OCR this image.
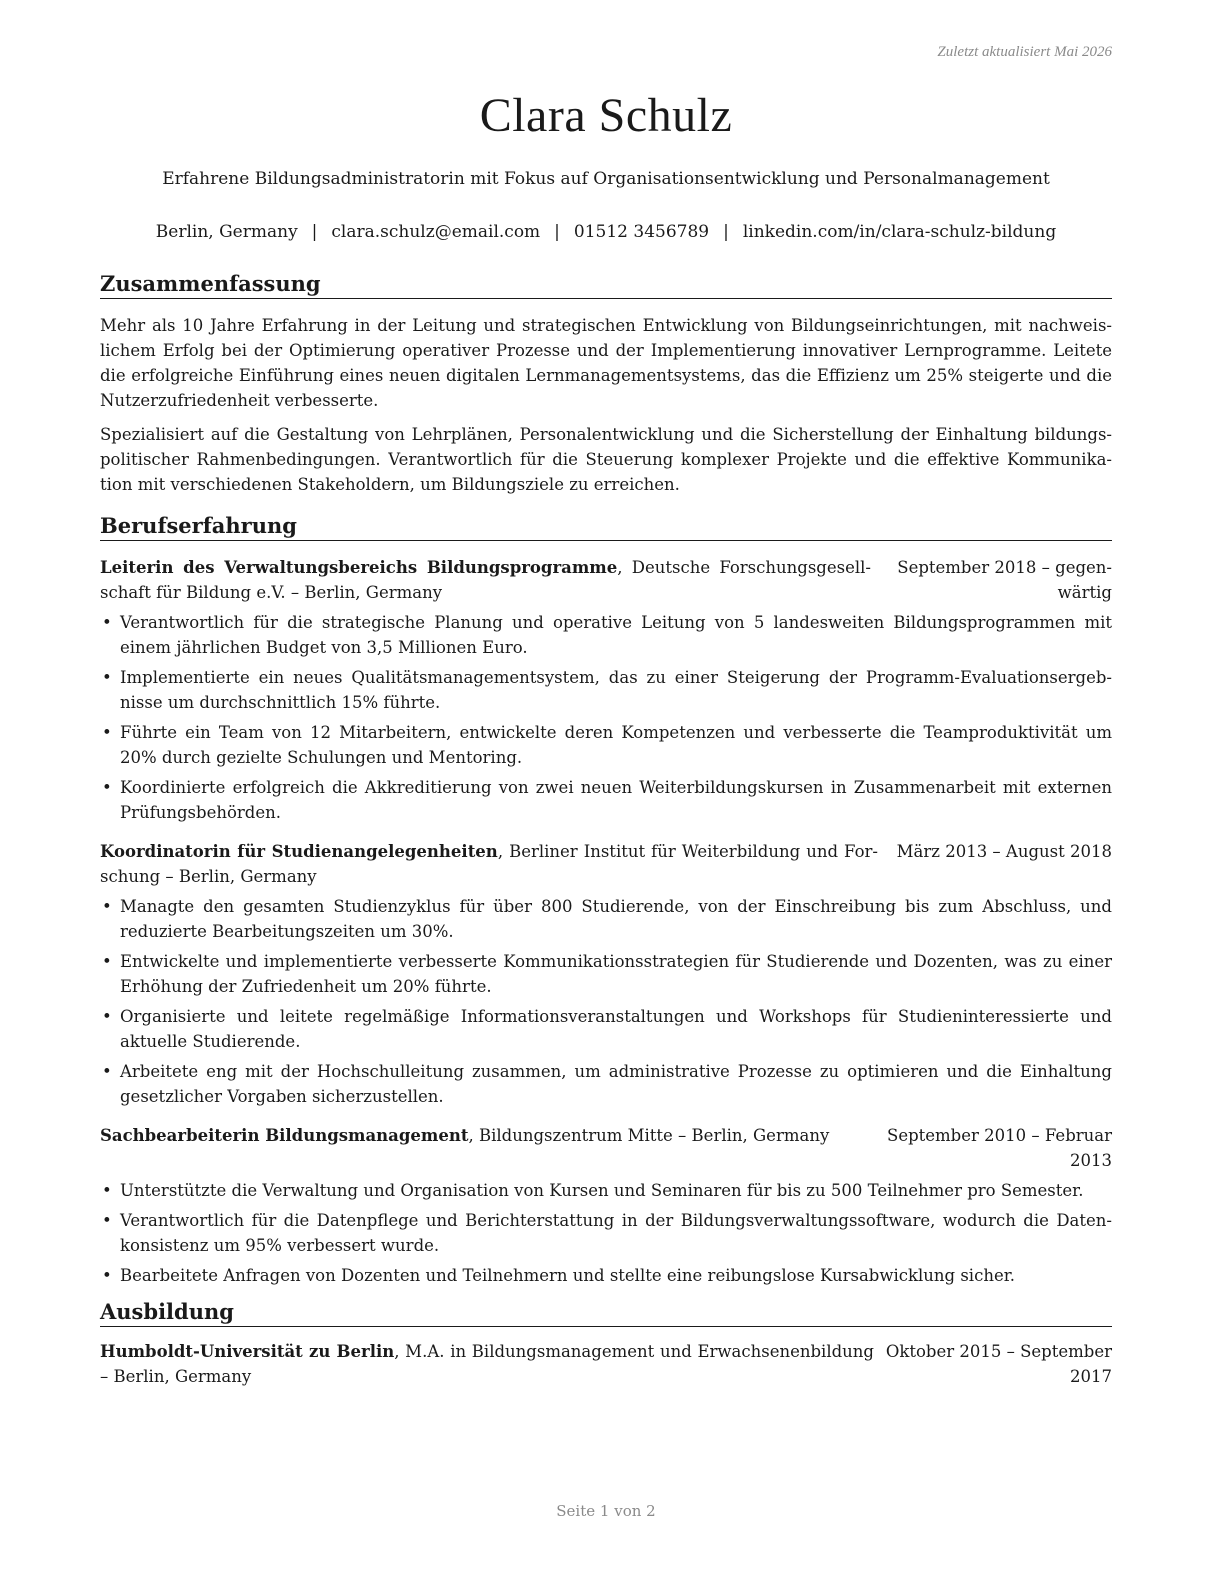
Zuletzt aktualisiert Mai 2026
Clara Schulz
Erfahrene Bildungsadministratorin mit Fokus auf Organisationsentwicklung und Personalmanagement
Berlin, Germany | clara.schulz@email.com | 01512 3456789 | linkedin.com/in/clara-schulz-bildung
Zusammenfassung

Mehr als 10 Jahre Erfahrung in der Leitung und strategischen Entwicklung von Bildungseinrichtungen, mit nachweislichem Erfolg bei der Optimierung operativer Prozesse und der Implementierung innovativer Lernprogramme. Leitete die erfolgreiche Einführung eines neuen digitalen Lernmanagementsystems, das die Effizienz um 25% steigerte und die Nutzerzufriedenheit verbesserte.

Spezialisiert auf die Gestaltung von Lehrplänen, Personalentwicklung und die Sicherstellung der Einhaltung bildungspolitischer Rahmenbedingungen. Verantwortlich für die Steuerung komplexer Projekte und die effektive Kommunikation mit verschiedenen Stakeholdern, um Bildungsziele zu erreichen.

Berufserfahrung
Leiterin des Verwaltungsbereichs Bildungsprogramme, Deutsche Forschungsgesellschaft für Bildung e.V. – Berlin, Germany
September 2018 – gegenwärtig
• Verantwortlich für die strategische Planung und operative Leitung von 5 landesweiten Bildungsprogrammen mit einem jährlichen Budget von 3,5 Millionen Euro.
• Implementierte ein neues Qualitätsmanagementsystem, das zu einer Steigerung der Programm-Evaluationsergebnisse um durchschnittlich 15% führte.
• Führte ein Team von 12 Mitarbeitern, entwickelte deren Kompetenzen und verbesserte die Teamproduktivität um 20% durch gezielte Schulungen und Mentoring.
• Koordinierte erfolgreich die Akkreditierung von zwei neuen Weiterbildungskursen in Zusammenarbeit mit externen Prüfungsbehörden.
Koordinatorin für Studienangelegenheiten, Berliner Institut für Weiterbildung und Forschung – Berlin, Germany
März 2013 – August 2018
• Managte den gesamten Studienzyklus für über 800 Studierende, von der Einschreibung bis zum Abschluss, und reduzierte Bearbeitungszeiten um 30%.
• Entwickelte und implementierte verbesserte Kommunikationsstrategien für Studierende und Dozenten, was zu einer Erhöhung der Zufriedenheit um 20% führte.
• Organisierte und leitete regelmäßige Informationsveranstaltungen und Workshops für Studieninteressierte und aktuelle Studierende.
• Arbeitete eng mit der Hochschulleitung zusammen, um administrative Prozesse zu optimieren und die Einhaltung gesetzlicher Vorgaben sicherzustellen.
Sachbearbeiterin Bildungsmanagement, Bildungszentrum Mitte – Berlin, Germany	September 2010 – Februar 2013
• Unterstützte die Verwaltung und Organisation von Kursen und Seminaren für bis zu 500 Teilnehmer pro Semester.
• Verantwortlich für die Datenpflege und Berichterstattung in der Bildungsverwaltungssoftware, wodurch die Datenkonsistenz um 95% verbessert wurde.
• Bearbeitete Anfragen von Dozenten und Teilnehmern und stellte eine reibungslose Kursabwicklung sicher.
Ausbildung
Humboldt-Universität zu Berlin, M.A. in Bildungsmanagement und Erwachsenenbildung – Berlin, Germany
Oktober 2015 – September 2017
Seite 1 von 2
